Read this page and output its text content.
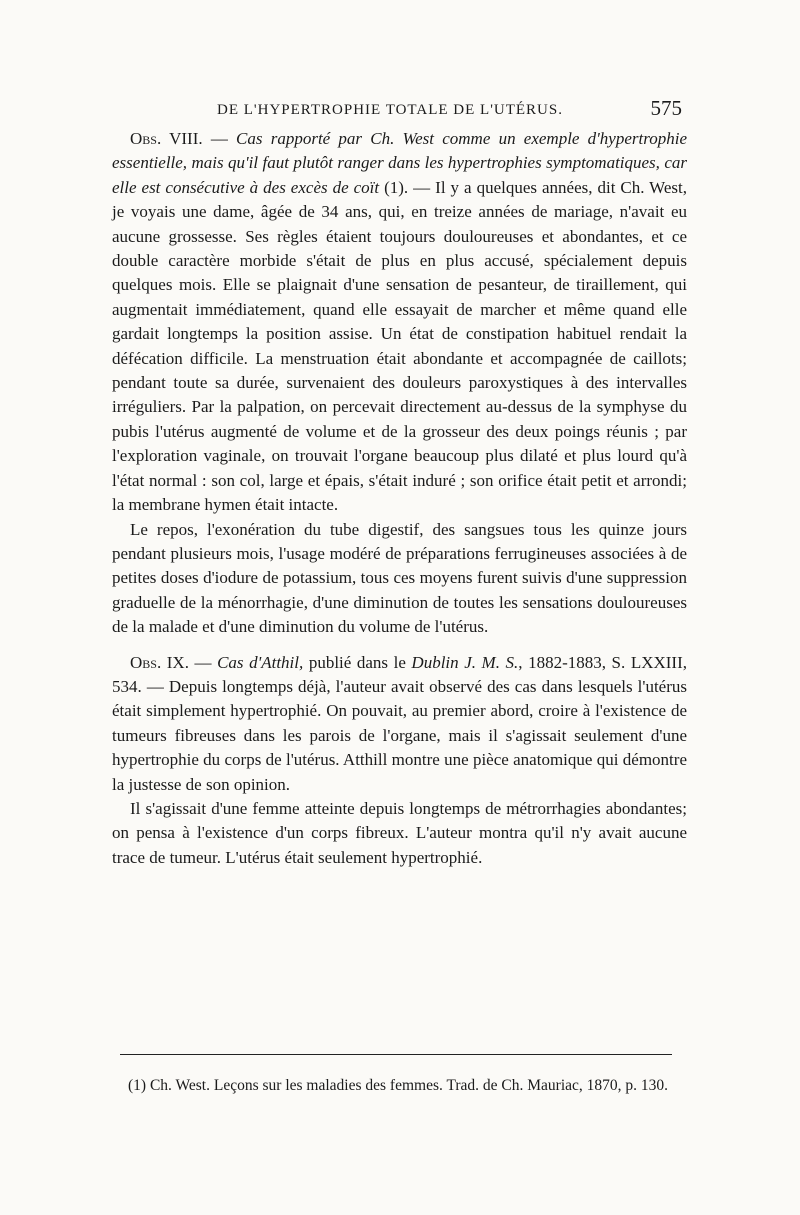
DE L'HYPERTROPHIE TOTALE DE L'UTÉRUS.	575

Obs. VIII. — Cas rapporté par Ch. West comme un exemple d'hypertrophie essentielle, mais qu'il faut plutôt ranger dans les hypertrophies symptomatiques, car elle est consécutive à des excès de coït (1). — Il y a quelques années, dit Ch. West, je voyais une dame, âgée de 34 ans, qui, en treize années de mariage, n'avait eu aucune grossesse. Ses règles étaient toujours douloureuses et abondantes, et ce double caractère morbide s'était de plus en plus accusé, spécialement depuis quelques mois. Elle se plaignait d'une sensation de pesanteur, de tiraillement, qui augmentait immédiatement, quand elle essayait de marcher et même quand elle gardait longtemps la position assise. Un état de constipation habituel rendait la défécation difficile. La menstruation était abondante et accompagnée de caillots; pendant toute sa durée, survenaient des douleurs paroxystiques à des intervalles irréguliers. Par la palpation, on percevait directement au-dessus de la symphyse du pubis l'utérus augmenté de volume et de la grosseur des deux poings réunis ; par l'exploration vaginale, on trouvait l'organe beaucoup plus dilaté et plus lourd qu'à l'état normal : son col, large et épais, s'était induré ; son orifice était petit et arrondi; la membrane hymen était intacte.

Le repos, l'exonération du tube digestif, des sangsues tous les quinze jours pendant plusieurs mois, l'usage modéré de préparations ferrugineuses associées à de petites doses d'iodure de potassium, tous ces moyens furent suivis d'une suppression graduelle de la ménorrhagie, d'une diminution de toutes les sensations douloureuses de la malade et d'une diminution du volume de l'utérus.

Obs. IX. — Cas d'Atthil, publié dans le Dublin J. M. S., 1882-1883, S. LXXIII, 534. — Depuis longtemps déjà, l'auteur avait observé des cas dans lesquels l'utérus était simplement hypertrophié. On pouvait, au premier abord, croire à l'existence de tumeurs fibreuses dans les parois de l'organe, mais il s'agissait seulement d'une hypertrophie du corps de l'utérus. Atthill montre une pièce anatomique qui démontre la justesse de son opinion.

Il s'agissait d'une femme atteinte depuis longtemps de métrorrhagies abondantes; on pensa à l'existence d'un corps fibreux. L'auteur montra qu'il n'y avait aucune trace de tumeur. L'utérus était seulement hypertrophié.

(1) Ch. West. Leçons sur les maladies des femmes. Trad. de Ch. Mauriac, 1870, p. 130.
